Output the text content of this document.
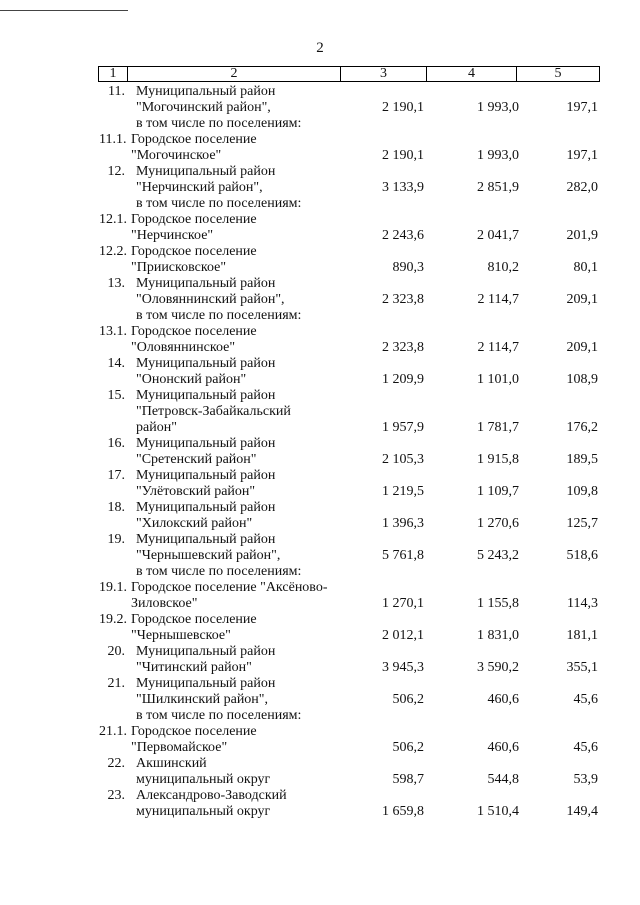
2
1	2	3	4	5
11. Муниципальный район
"Могочинский район",
в том числе по поселениям:
2 190,1	1 993,0	197,1
11.1. Городское поселение
"Могочинское"	2 190,1	1 993,0	197,1
12. Муниципальный район
"Нерчинский район",
в том числе по поселениям:
3 133,9	2 851,9	282,0
12.1. Городское поселение
"Нерчинское"	2 243,6	2 041,7	201,9
12.2. Городское поселение
"Приисковское"	890,3	810,2	80,1
13. Муниципальный район
"Оловяннинский район",
в том числе по поселениям:
2 323,8	2 114,7	209,1
13.1. Городское поселение
"Оловяннинское"	2 323,8	2 114,7	209,1
14. Муниципальный район
"Ононский район"	1 209,9	1 101,0	108,9
15. Муниципальный район
"Петровск-Забайкальский
район"	1 957,9	1 781,7	176,2
16. Муниципальный район
"Сретенский район"	2 105,3	1 915,8	189,5
17. Муниципальный район
"Улётовский район"	1 219,5	1 109,7	109,8
18. Муниципальный район
"Хилокский район"	1 396,3	1 270,6	125,7
19. Муниципальный район
"Чернышевский район",
в том числе по поселениям:
5 761,8	5 243,2	518,6
19.1. Городское поселение "Аксёново-
Зиловское"	1 270,1	1 155,8	114,3
19.2. Городское поселение
"Чернышевское"	2 012,1	1 831,0	181,1
20. Муниципальный район
"Читинский район"	3 945,3	3 590,2	355,1
21. Муниципальный район
"Шилкинский район",
в том числе по поселениям:
506,2	460,6	45,6
21.1. Городское поселение
"Первомайское"	506,2	460,6	45,6
22. Акшинский
муниципальный округ	598,7	544,8	53,9
23. Александрово-Заводский
муниципальный округ	1 659,8	1 510,4	149,4
